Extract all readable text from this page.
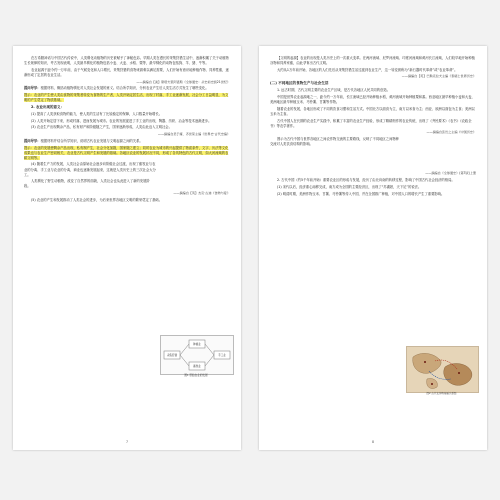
在古希腊神话与中国古代传说中，人类驯化动植物的历史被赋予了神秘色彩。早期人类在漫长的采集狩猎生活中，逐渐积累了关于动植物生长规律的知识，考古发现表明，人类最早驯化的植物包括小麦、大麦、水稻、粟等，最早驯化的动物包括狗、羊、猪、牛等。

农业起源于距今约一万年前，由于气候变化和人口增长，采集狩猎的食物来源难以满足需要，人们开始有意识地种植作物、饲养牲畜，逐渐形成了定居的农业生活。

——摘编自【美】斯塔夫里阿诺斯《全球通史：从史前史到21世纪》

提问导学：根据材料，概括动植物驯化对人类社会发展的意义。结合所学知识，分析农业产生后人类生活方式发生了哪些变化。

提示：农业的产生使人类由食物的采集者转变为食物的生产者，人类开始定居生活，出现了村落，手工业逐渐发展，社会分工日益明显，为文明的产生奠定了物质基础。

2. 农业出现的意义：

(1) 提高了人类获取食物的能力，使人类的生活有了比较稳定的保障，人口数量开始增长。

(2) 人类开始定居下来，形成村落，进而发展为城市。农业的发展促进了手工业的出现，陶器、纺织、冶金等技术逐渐进步。

(3) 农业生产出现剩余产品，私有财产和阶级随之产生，国家逐渐形成，人类由此迈入文明社会。

——摘编自吴于廑、齐世荣主编《世界史·古代史编》

提问导学：根据材料并结合所学知识，说明古代农业发展与文明起源之间的关系。

提示：农业的发展使剩余产品出现，私有制产生，社会分化加剧，国家随之建立；同时农业为城市的兴起提供了物质条件，文字、历法等文化成果也与农业生产密切相关，农业是古代文明产生和发展的基础。各地区农业的发展状况不同，形成了各具特色的古代文明，如大河流域的农耕文明等。

(4) 随着生产力的发展，人类社会由原始社会逐步向阶级社会过渡，出现了畜牧业与农业的分离、手工业与农业的分离，商业也逐渐发展起来，这就是人类历史上的三次社会大分工。

人类驯化了野生动植物，改变了自然界的面貌，人类社会也从此进入了新的发展阶段。

——摘编自【英】杰克·古迪《食物与爱》

(5) 农业的产生和发展推动了人类社会的进步，为后来世界各地区文明的繁荣奠定了基础。

采集狩猎
种植业
畜牧业
手工业
图1 原始农业的发展
7

【文明的起源】农业的出现是人类历史上的一次重大变革。在两河流域、尼罗河流域、印度河流域和黄河长江流域，人们较早地开始种植谷物和饲养家畜，由此孕育出古代文明。

大约从1万年前开始，各地区的人们先后从采集狩猎生活过渡到农业生产，这一转变被称为“新石器时代革命”或“农业革命”。

——摘编自【英】巴勒克拉夫主编《泰晤士世界历史》

(二) 不同地区的食物生产与社会生活

1. 远古时期，古代文明主要的农业生产区域，是古代各地区人民共同的创造。

中国是世界农业起源地之一，距今约一万年前，长江流域已经开始种植水稻，黄河流域开始种植粟和黍。西亚地区最早种植小麦和大麦，美洲地区最早种植玉米、马铃薯、甘薯等作物。

随着农业的发展，各地区形成了不同的饮食习惯和生活方式。中国北方以面食为主，南方以米食为主；西亚、欧洲以面包为主食；美洲以玉米为主食。

古代中国人在长期的农业生产实践中，积累了丰富的农业生产经验，形成了精耕细作的农业传统，出现了《齐民要术》《农书》《农政全书》等农学著作。

——摘编自张岂之主编《中国历史》

图示为古代中国与世界各地区之间农作物交流的主要路线，反映了不同地区之间物种交流对人类饮食结构的影响。

——摘编自《全球通史》(第7版)上册

2. 古代中国（约5千年前开始）重要农业区的形成与发展，经历了由北向南的转移过程，影响了中国古代社会经济的格局。

(1) 宋代以后，经济重心南移完成，南方成为全国的主要经济区，出现了“苏湖熟，天下足”的说法。

(2) 明清时期，美洲作物玉米、甘薯、马铃薯等传入中国，并在全国推广种植，对中国人口的增长产生了重要影响。

图2 古代农作物传播示意图
8
